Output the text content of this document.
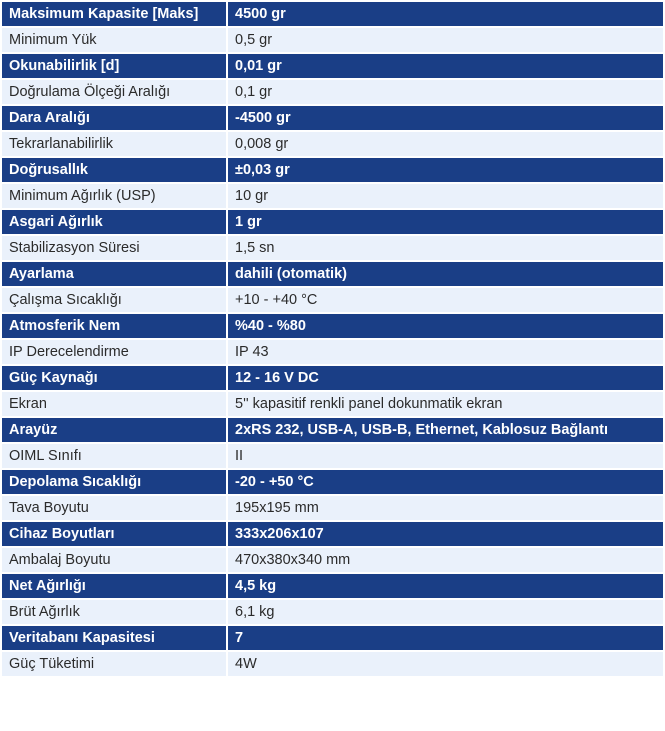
Maksimum Kapasite [Maks]	4500 gr
Minimum Yük	0,5 gr
Okunabilirlik [d]	0,01 gr
Doğrulama Ölçeği Aralığı	0,1 gr
Dara Aralığı	-4500 gr
Tekrarlanabilirlik	0,008 gr
Doğrusallık	±0,03 gr
Minimum Ağırlık (USP)	10 gr
Asgari Ağırlık	1 gr
Stabilizasyon Süresi	1,5 sn
Ayarlama	dahili (otomatik)
Çalışma Sıcaklığı	+10 - +40 °C
Atmosferik Nem	%40 - %80
IP Derecelendirme	IP 43
Güç Kaynağı	12 - 16 V DC
Ekran	5'' kapasitif renkli panel dokunmatik ekran
Arayüz	2xRS 232, USB-A, USB-B, Ethernet, Kablosuz Bağlantı
OIML Sınıfı	II
Depolama Sıcaklığı	-20 - +50 °C
Tava Boyutu	195x195 mm
Cihaz Boyutları	333x206x107
Ambalaj Boyutu	470x380x340 mm
Net Ağırlığı	4,5 kg
Brüt Ağırlık	6,1 kg
Veritabanı Kapasitesi	7
Güç Tüketimi	4W
